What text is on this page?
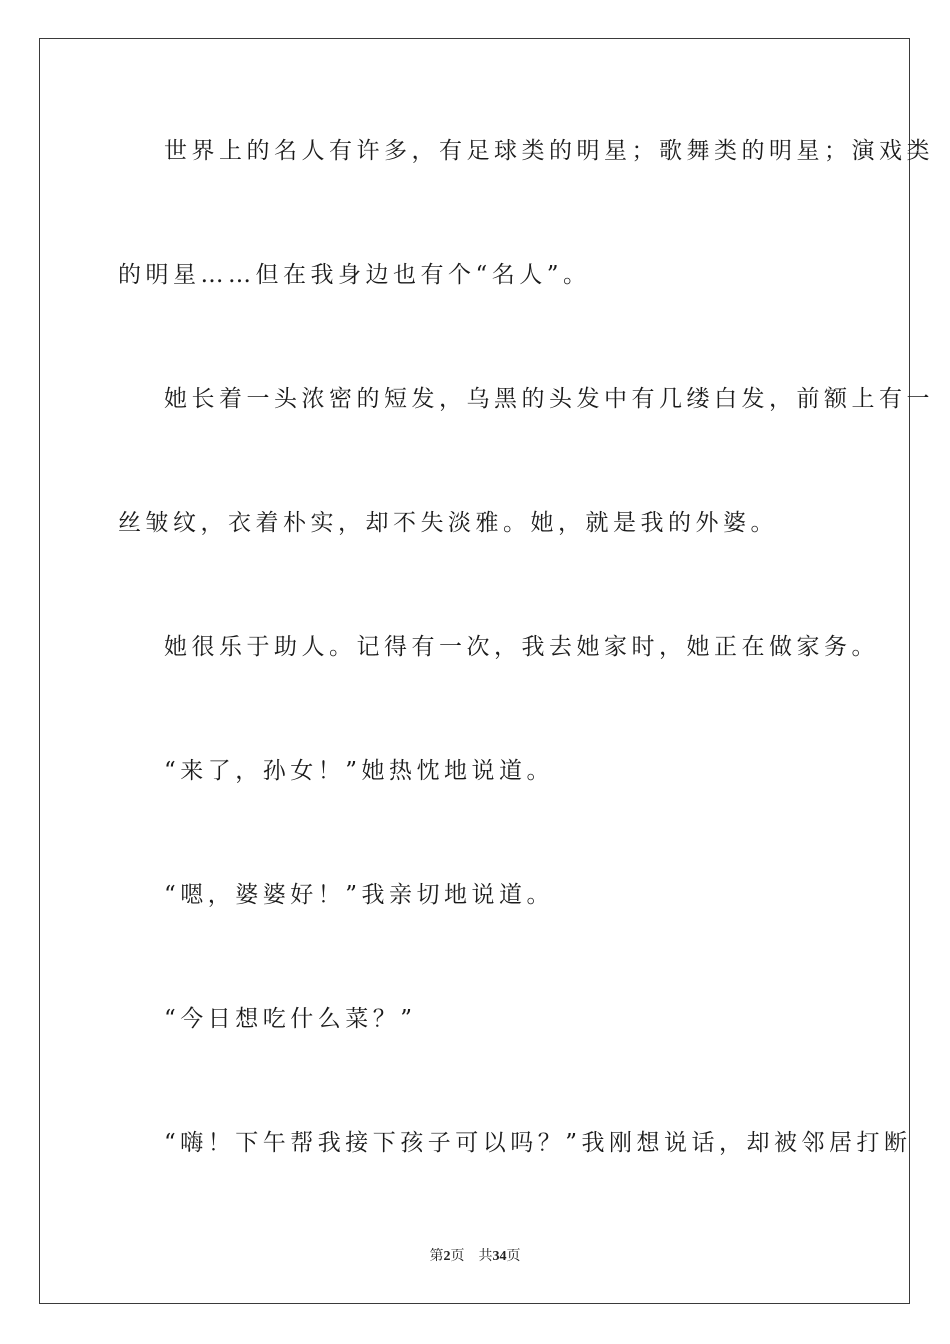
世界上的名人有许多，有足球类的明星；歌舞类的明星；演戏类

的明星……但在我身边也有个“名人”。

她长着一头浓密的短发，乌黑的头发中有几缕白发，前额上有一

丝皱纹，衣着朴实，却不失淡雅。她，就是我的外婆。

她很乐于助人。记得有一次，我去她家时，她正在做家务。

“来了，孙女！”她热忱地说道。

“嗯，婆婆好！”我亲切地说道。

“今日想吃什么菜？”

“嗨！下午帮我接下孩子可以吗？”我刚想说话，却被邻居打断

第2页 共34页
